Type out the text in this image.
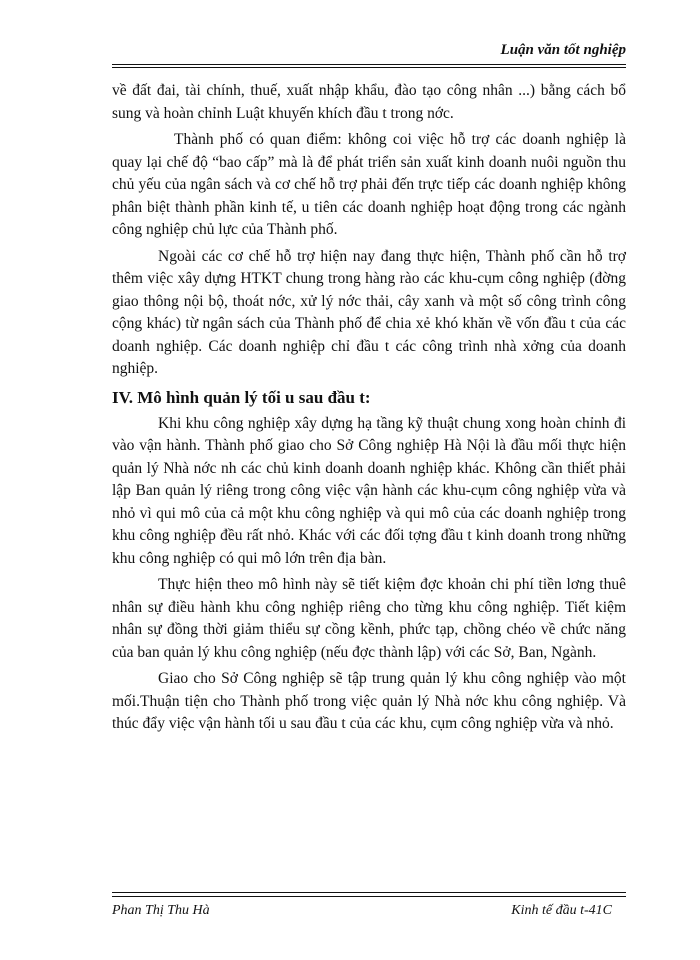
Luận văn tốt nghiệp

về đất đai, tài chính, thuế, xuất nhập khẩu, đào tạo công nhân ...) bằng cách bổ sung và hoàn chỉnh Luật khuyến khích đầu t trong nớc.

Thành phố có quan điểm: không coi việc hỗ trợ các doanh nghiệp là quay lại chế độ “bao cấp” mà là để phát triển sản xuất kinh doanh nuôi nguồn thu chủ yếu của ngân sách và cơ chế hỗ trợ phải đến trực tiếp các doanh nghiệp không phân biệt thành phần kinh tế, u tiên các doanh nghiệp hoạt động trong các ngành công nghiệp chủ lực của Thành phố.

Ngoài các cơ chế hỗ trợ hiện nay đang thực hiện, Thành phố cần hỗ trợ thêm việc xây dựng HTKT chung trong hàng rào các khu-cụm công nghiệp (đờng giao thông nội bộ, thoát nớc, xử lý nớc thải, cây xanh và một số công trình công cộng khác) từ ngân sách của Thành phố để chia xẻ khó khăn về vốn đầu t của các doanh nghiệp. Các doanh nghiệp chỉ đầu t các công trình nhà xởng của doanh nghiệp.

IV. Mô hình quản lý tối u sau đầu t:

Khi khu công nghiệp xây dựng hạ tầng kỹ thuật chung xong hoàn chỉnh đi vào vận hành. Thành phố giao cho Sở Công nghiệp Hà Nội là đầu mối thực hiện quản lý Nhà nớc nh các chủ kinh doanh doanh nghiệp khác. Không cần thiết phải lập Ban quản lý riêng trong công việc vận hành các khu-cụm công nghiệp vừa và nhỏ vì qui mô của cả một khu công nghiệp và qui mô của các doanh nghiệp trong khu công nghiệp đều rất nhỏ. Khác với các đối tợng đầu t kinh doanh trong những khu công nghiệp có qui mô lớn trên địa bàn.

Thực hiện theo mô hình này sẽ tiết kiệm đợc khoản chi phí tiền lơng thuê nhân sự điều hành khu công nghiệp riêng cho từng khu công nghiệp. Tiết kiệm nhân sự đồng thời giảm thiểu sự cồng kềnh, phức tạp, chồng chéo về chức năng của ban quản lý khu công nghiệp (nếu đợc thành lập) với các Sở, Ban, Ngành.

Giao cho Sở Công nghiệp sẽ tập trung quản lý khu công nghiệp vào một mối.Thuận tiện cho Thành phố trong việc quản lý Nhà nớc khu công nghiệp. Và thúc đẩy việc vận hành tối u sau đầu t của các khu, cụm công nghiệp vừa và nhỏ.

Phan Thị Thu Hà	Kinh tế đầu t-41C
